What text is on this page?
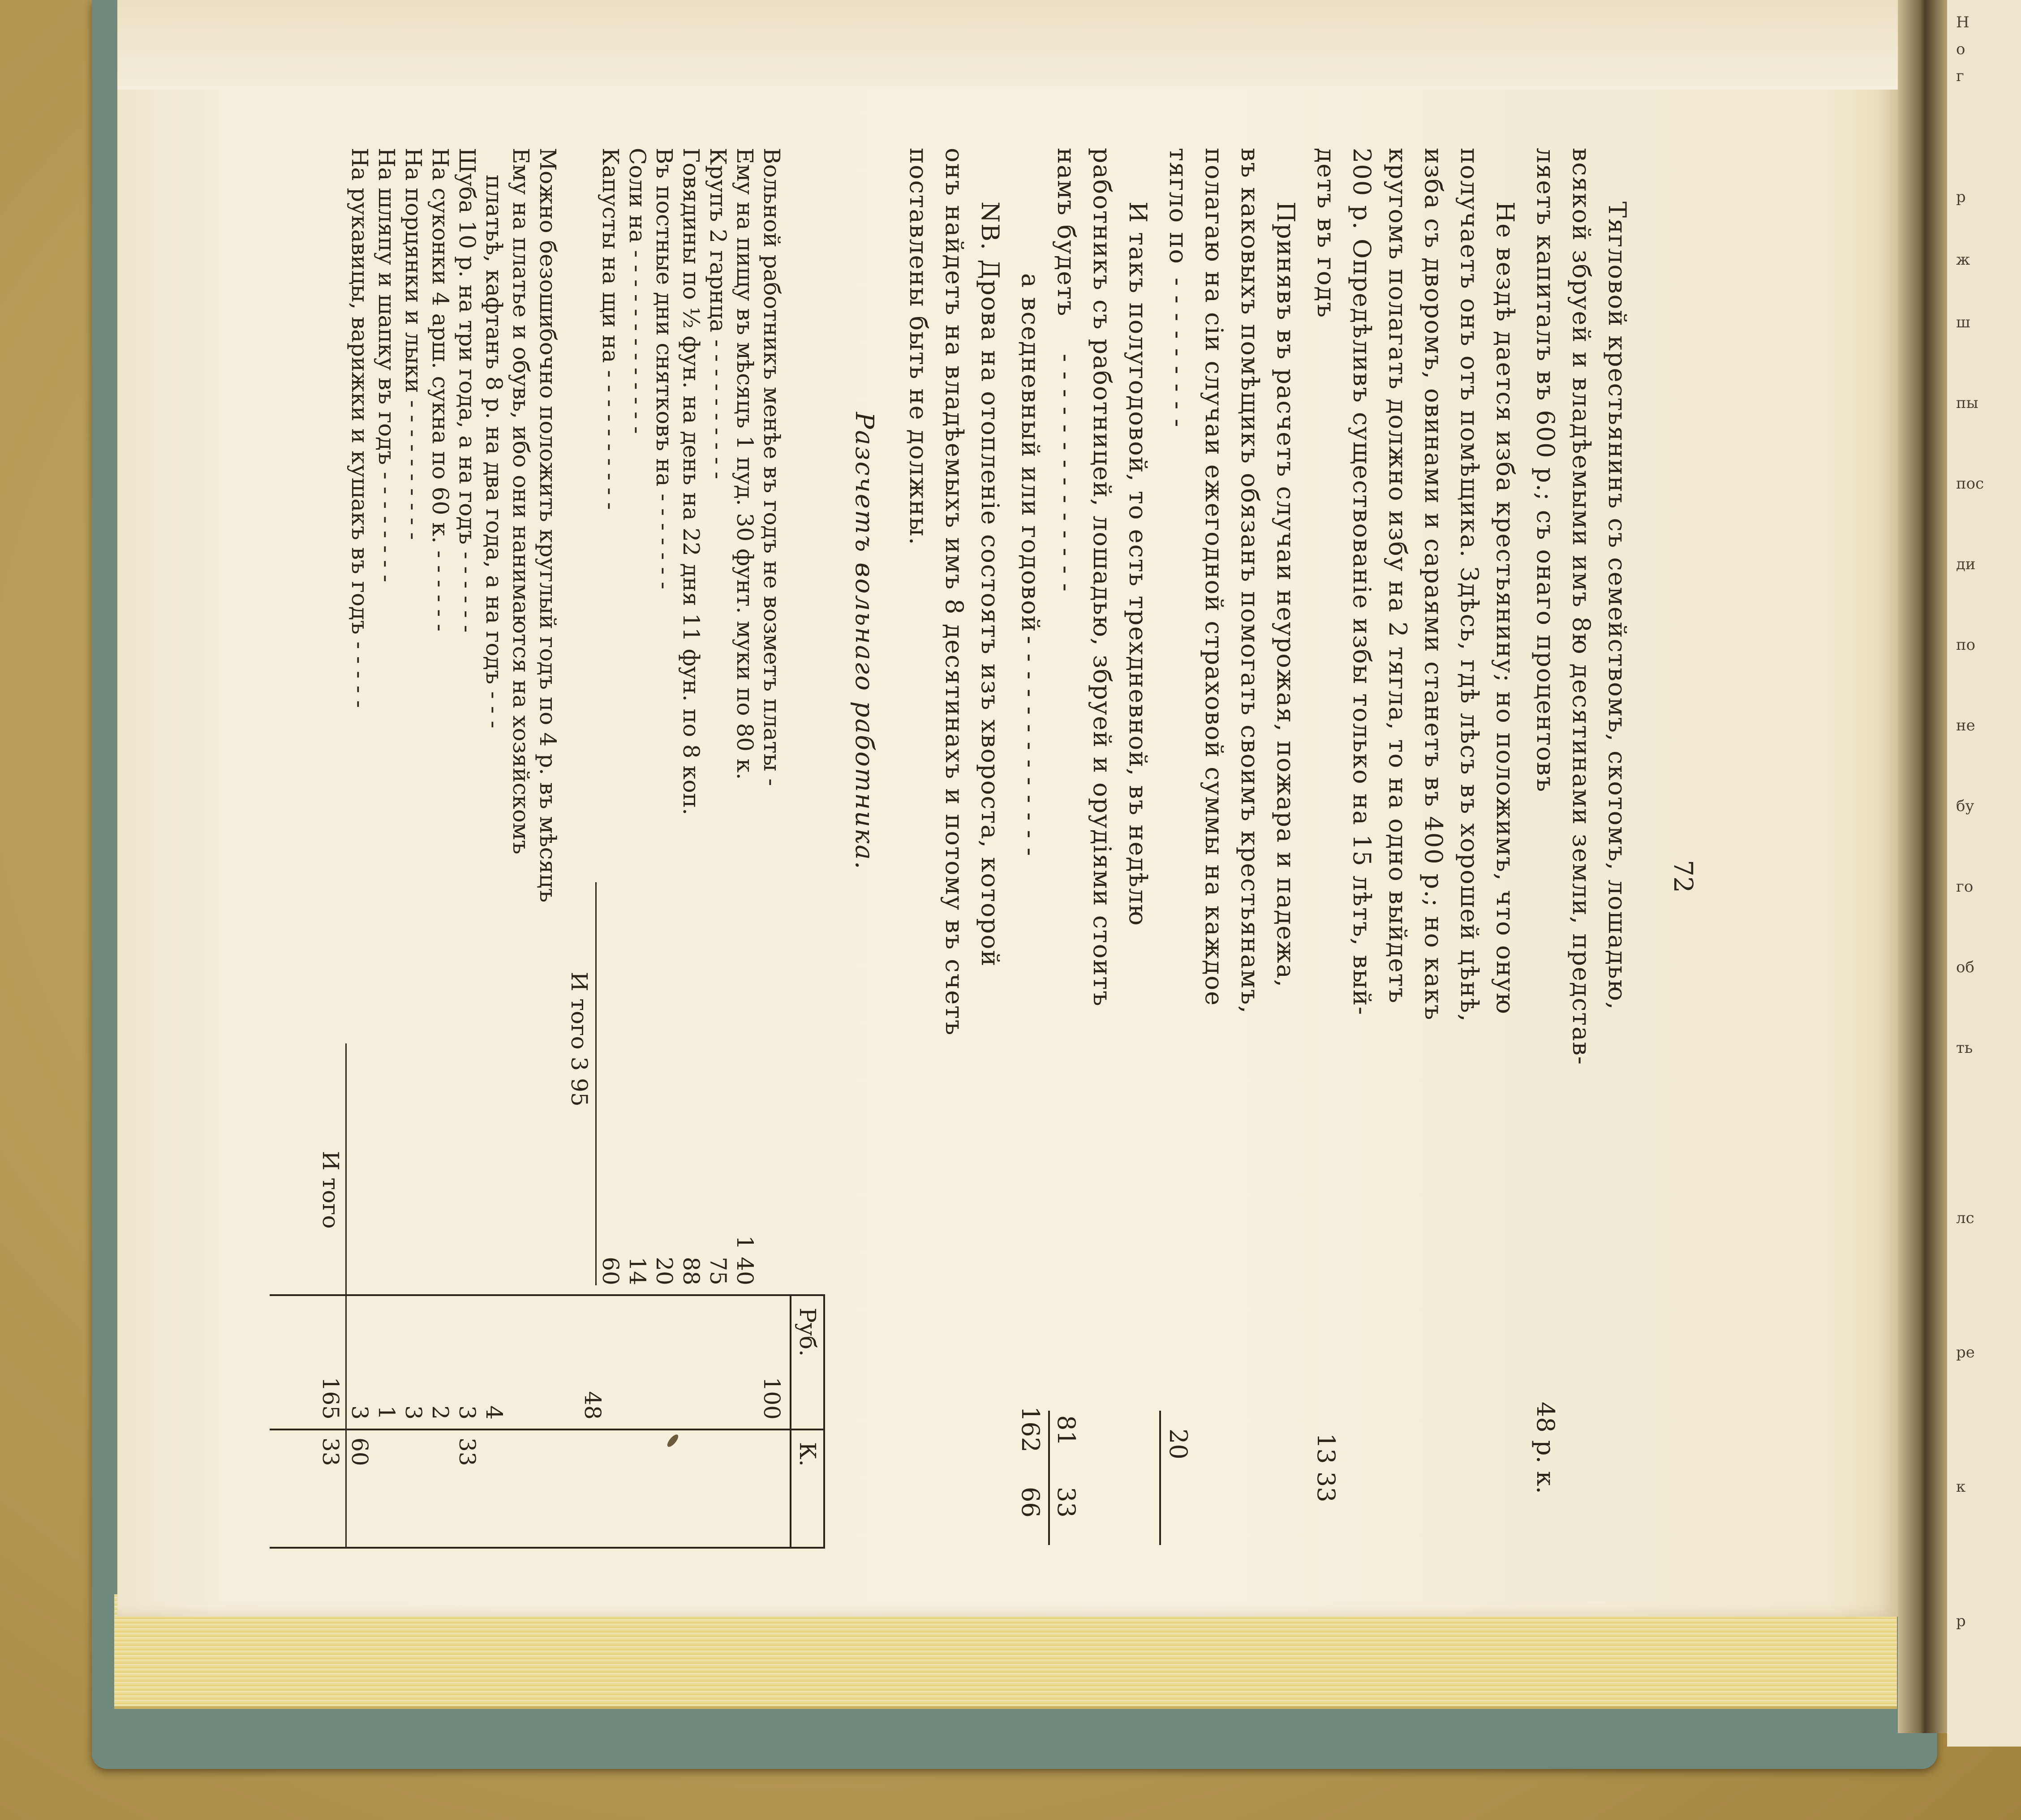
72
Тягловой крестьянинъ съ семействомъ, скотомъ, лошадью,
всякой збруей и владѣемыми имъ 8ю десятинами земли, представ-
ляетъ капиталъ въ 600 р.; съ онаго процентовъ
48 р. к.
Не вездѣ дается изба крестьянину; но положимъ, что оную
получаетъ онъ отъ помѣщика. Здѣсь, гдѣ лѣсъ въ хорошей цѣнѣ,
изба съ дворомъ, овинами и сараями станетъ въ 400 р.; но какъ
кругомъ полагать должно избу на 2 тягла, то на одно выйдетъ
200 р. Опредѣливъ существованіе избы только на 15 лѣтъ, вый-
детъ въ годъ
13 33
Принявъ въ расчетъ случаи неурожая, пожара и падежа,
въ каковыхъ помѣщикъ обязанъ помогать своимъ крестьянамъ,
полагаю на сіи случаи ежегодной страховой суммы на каждое
тягло по
- - - - - - - - -
20
И такъ полугодовой, то есть трехдневной, въ недѣлю
работникъ съ работницей, лошадью, збруей и орудіями стоитъ
намъ будетъ
- - - - - - - - - - - - - -
81
33
а вседневный или годовой
- - - - - - - - - - - - -
162
66
NB. Дрова на отопленіе состоятъ изъ хвороста, которой
онъ найдетъ на владѣемыхъ имъ 8 десятинахъ и потому въ счетъ
поставлены быть не должны.
Разсчетъ вольнаго работника.
Руб.
К.
Вольной работникъ менѣе въ годъ не возметъ платы -
100
Ему на пищу въ мѣсяцъ 1 пуд. 30 фунт. муки по 80 к.
1 40
Крупъ 2 гарнца - - - - - - - - - -
75
Говядины по ½ фун. на день на 22 дня 11 фун. по 8 коп.
88
Въ постные дни снятковъ на - - - - - - -
20
Соли на - - - - - - - - - - - - -
14
Капусты на щи на - - - - - - - - - -
60
И того 3 95
48
Можно безошибочно положить круглый годъ по 4 р. въ мѣсяцъ
Ему на платье и обувь, ибо они нанимаются на хозяйскомъ
платьѣ, кафтанъ 8 р. на два года, а на годъ - - -
4
Шуба 10 р. на три года, а на годъ - - - - - -
3
33
На суконки 4 арш. сукна по 60 к. - - - - - -
2
На порцянки и лыки - - - - - - - - - -
3
На шляпу и шапку въ годъ - - - - - - - -
1
На рукавицы, варижки и кушакъ въ годъ - - - - -
3
60
И того
165
33
Н
о
г
р
ж
ш
пы
пос
ди
по
не
бу
го
об
ть
лс
ре
к
р
